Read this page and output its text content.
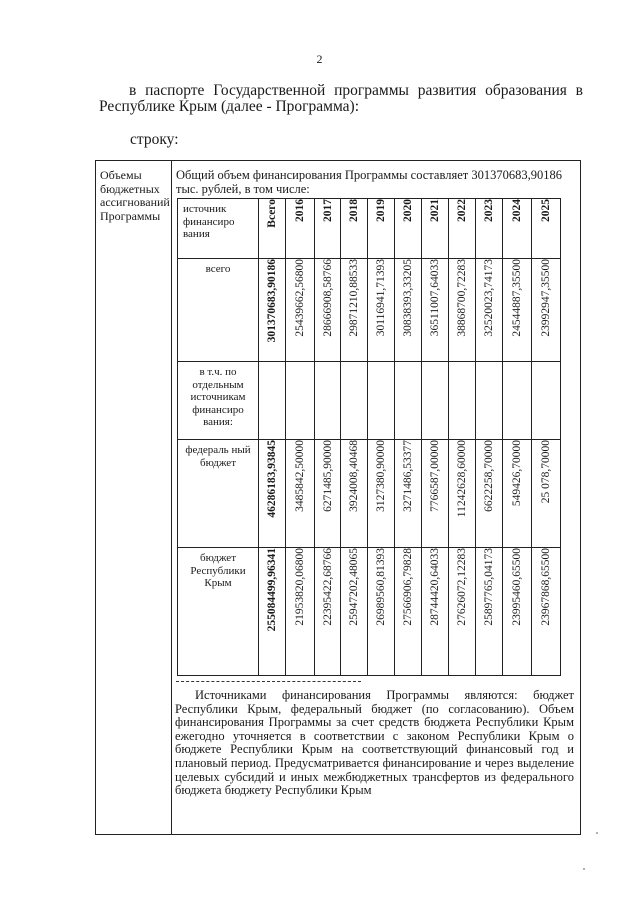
2
в паспорте Государственной программы развития образования в Республике Крым (далее - Программа):
строку:
Объемы бюджетных ассигнований Программы
Общий объем финансирования Программы составляет 301370683,90186 тыс. рублей, в том числе:
источник финансиро вания	Всего	2016	2017	2018	2019	2020	2021	2022	2023	2024	2025

всего	301370683,90186	25439662,56800	28666908,58766	29871210,88533	30116941,71393	30838393,33205	36511007,64033	38868700,72283	32520023,74173	24544887,35500	23992947,35500

в т.ч. по отдельным источникам финансиро вания:											
федераль ный бюджет	46286183,93845	3485842,50000	6271485,90000	3924008,40468	3127380,90000	3271486,53377	7766587,00000	11242628,60000	6622258,70000	549426,70000	25 078,70000

бюджет Республики Крым	255084499,96341	21953820,06800	22395422,68766	25947202,48065	26989560,81393	27566906,79828	28744420,64033	27626072,12283	25897765,04173	23995460,65500	23967868,65500
Источниками финансирования Программы являются: бюджет Республики Крым, федеральный бюджет (по согласованию). Объем финансирования Программы за счет средств бюджета Республики Крым ежегодно уточняется в соответствии с законом Республики Крым о бюджете Республики Крым на соответствующий финансовый год и плановый период. Предусматривается финансирование и через выделение целевых субсидий и иных межбюджетных трансфертов из федерального бюджета бюджету Республики Крым
